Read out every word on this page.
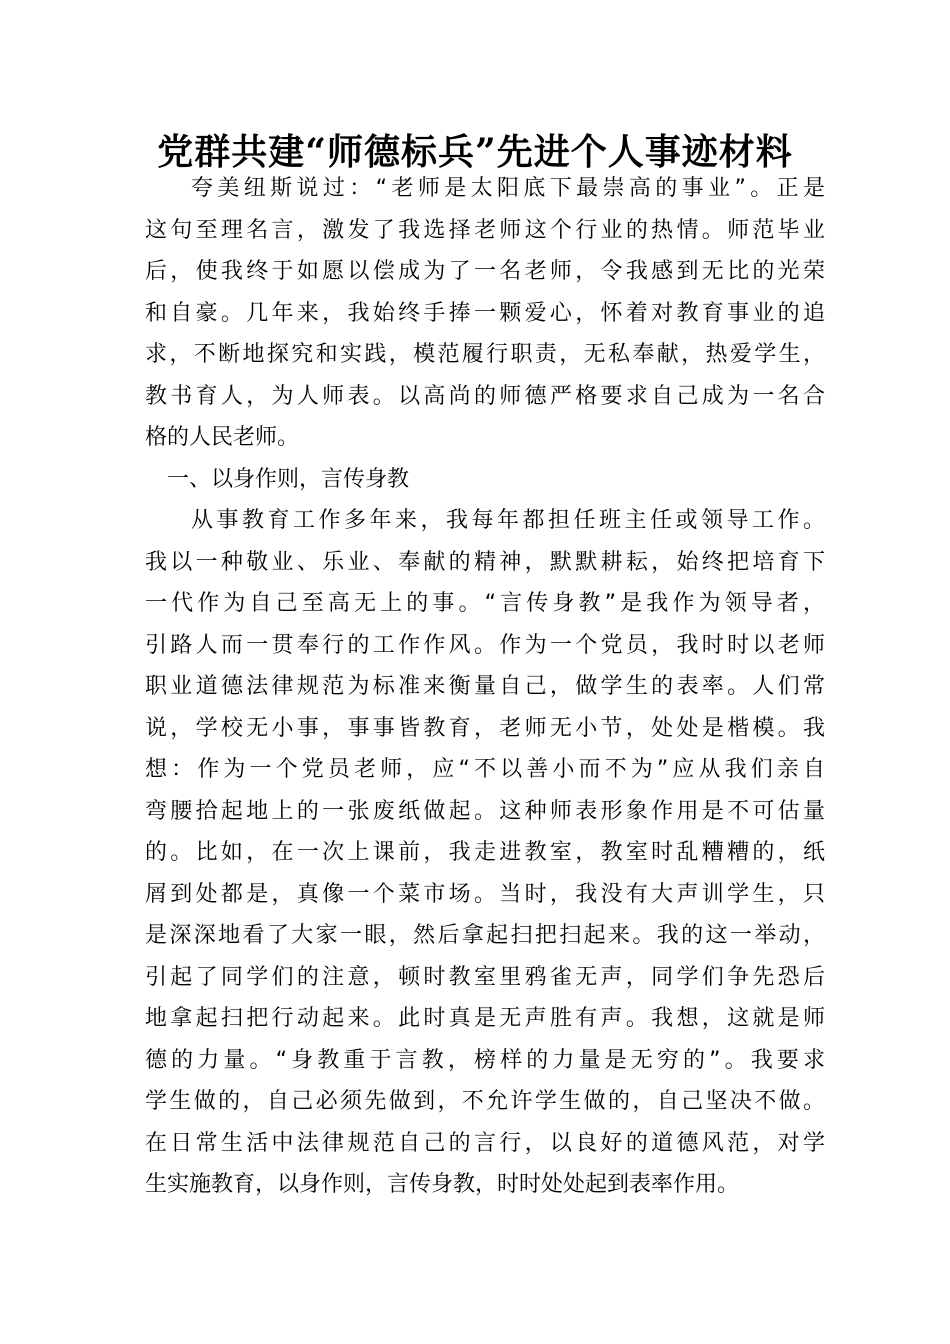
党群共建“师德标兵”先进个人事迹材料
夸美纽斯说过：“老师是太阳底下最崇高的事业”。正是
这句至理名言，激发了我选择老师这个行业的热情。师范毕业
后，使我终于如愿以偿成为了一名老师，令我感到无比的光荣
和自豪。几年来，我始终手捧一颗爱心，怀着对教育事业的追
求，不断地探究和实践，模范履行职责，无私奉献，热爱学生，
教书育人，为人师表。以高尚的师德严格要求自己成为一名合
格的人民老师。
一、以身作则，言传身教
从事教育工作多年来，我每年都担任班主任或领导工作。
我以一种敬业、乐业、奉献的精神，默默耕耘，始终把培育下
一代作为自己至高无上的事。“言传身教”是我作为领导者，
引路人而一贯奉行的工作作风。作为一个党员，我时时以老师
职业道德法律规范为标准来衡量自己，做学生的表率。人们常
说，学校无小事，事事皆教育，老师无小节，处处是楷模。我
想：作为一个党员老师，应“不以善小而不为”应从我们亲自
弯腰拾起地上的一张废纸做起。这种师表形象作用是不可估量
的。比如，在一次上课前，我走进教室，教室时乱糟糟的，纸
屑到处都是，真像一个菜市场。当时，我没有大声训学生，只
是深深地看了大家一眼，然后拿起扫把扫起来。我的这一举动，
引起了同学们的注意，顿时教室里鸦雀无声，同学们争先恐后
地拿起扫把行动起来。此时真是无声胜有声。我想，这就是师
德的力量。“身教重于言教，榜样的力量是无穷的”。我要求
学生做的，自己必须先做到，不允许学生做的，自己坚决不做。
在日常生活中法律规范自己的言行，以良好的道德风范，对学
生实施教育，以身作则，言传身教，时时处处起到表率作用。
